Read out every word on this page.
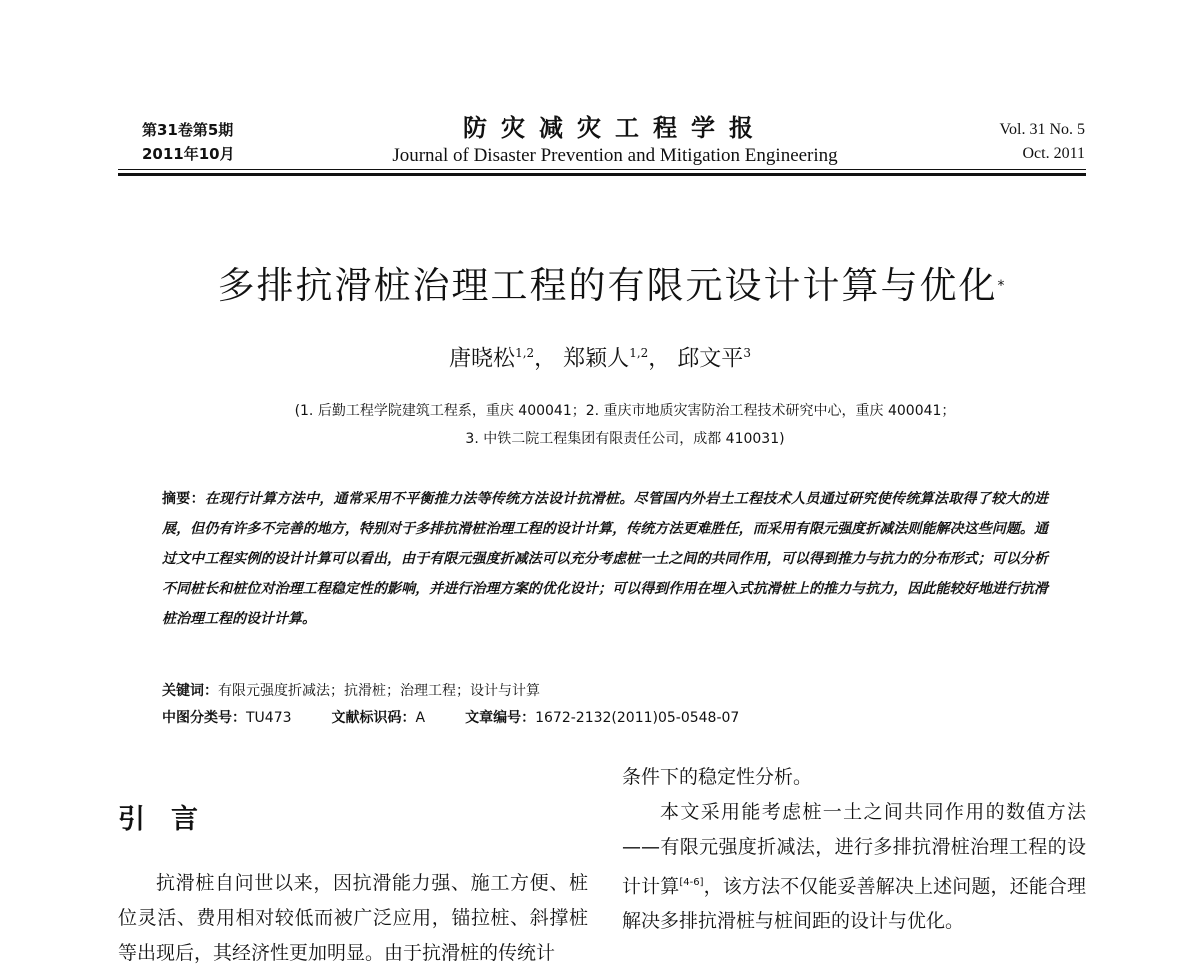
第31卷第5期
2011年10月
防灾减灾工程学报
Journal of Disaster Prevention and Mitigation Engineering
Vol. 31 No. 5
Oct. 2011
多排抗滑桩治理工程的有限元设计计算与优化*
唐晓松$^{1,2}$， 郑颖人$^{1,2}$， 邱文平$^3$
(1. 后勤工程学院建筑工程系，重庆 400041；2. 重庆市地质灾害防治工程技术研究中心，重庆 400041；
3. 中铁二院工程集团有限责任公司，成都 410031)
摘要：在现行计算方法中，通常采用不平衡推力法等传统方法设计抗滑桩。尽管国内外岩土工程技术人员通过研究使传统算法取得了较大的进展，但仍有许多不完善的地方，特别对于多排抗滑桩治理工程的设计计算，传统方法更难胜任，而采用有限元强度折减法则能解决这些问题。通过文中工程实例的设计计算可以看出，由于有限元强度折减法可以充分考虑桩一土之间的共同作用，可以得到推力与抗力的分布形式；可以分析不同桩长和桩位对治理工程稳定性的影响，并进行治理方案的优化设计；可以得到作用在埋入式抗滑桩上的推力与抗力，因此能较好地进行抗滑桩治理工程的设计计算。
关键词：有限元强度折减法；抗滑桩；治理工程；设计与计算
中图分类号：TU473	文献标识码：A	文章编号：1672-2132(2011)05-0548-07
引言

抗滑桩自问世以来，因抗滑能力强、施工方便、桩位灵活、费用相对较低而被广泛应用，锚拉桩、斜撑桩等出现后，其经济性更加明显。由于抗滑桩的传统计

条件下的稳定性分析。

本文采用能考虑桩一土之间共同作用的数值方法——有限元强度折减法，进行多排抗滑桩治理工程的设计计算[4-6]，该方法不仅能妥善解决上述问题，还能合理解决多排抗滑桩与桩间距的设计与优化。
